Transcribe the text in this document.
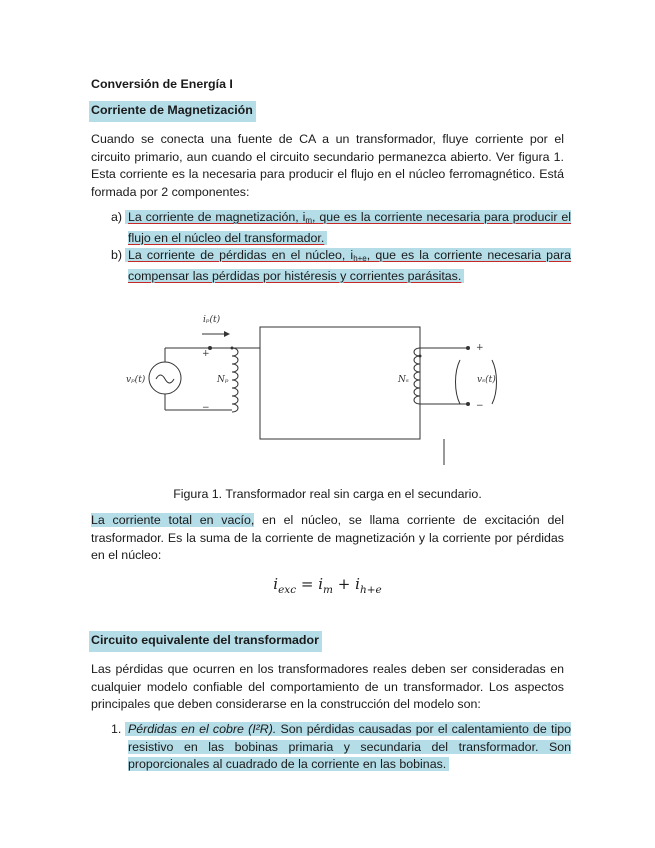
Conversión de Energía I
Corriente de Magnetización
Cuando se conecta una fuente de CA a un transformador, fluye corriente por el circuito primario, aun cuando el circuito secundario permanezca abierto. Ver figura 1. Esta corriente es la necesaria para producir el flujo en el núcleo ferromagnético. Está formada por 2 componentes:
a) La corriente de magnetización, $i_m$, que es la corriente necesaria para producir el flujo en el núcleo del transformador.
b) La corriente de pérdidas en el núcleo, $i_{h+e}$, que es la corriente necesaria para compensar las pérdidas por histéresis y corrientes parásitas.
iₚ(t)
vₚ(t)	Nₚ	Nₛ	vₛ(t)
+
−
+
−
Figura 1. Transformador real sin carga en el secundario.
La corriente total en vacío, en el núcleo, se llama corriente de excitación del trasformador. Es la suma de la corriente de magnetización y la corriente por pérdidas en el núcleo:
$i_{exc} = i_m + i_{h+e}$
Circuito equivalente del transformador
Las pérdidas que ocurren en los transformadores reales deben ser consideradas en cualquier modelo confiable del comportamiento de un transformador. Los aspectos principales que deben considerarse en la construcción del modelo son:
1. Pérdidas en el cobre (I²R). Son pérdidas causadas por el calentamiento de tipo resistivo en las bobinas primaria y secundaria del transformador. Son proporcionales al cuadrado de la corriente en las bobinas.
